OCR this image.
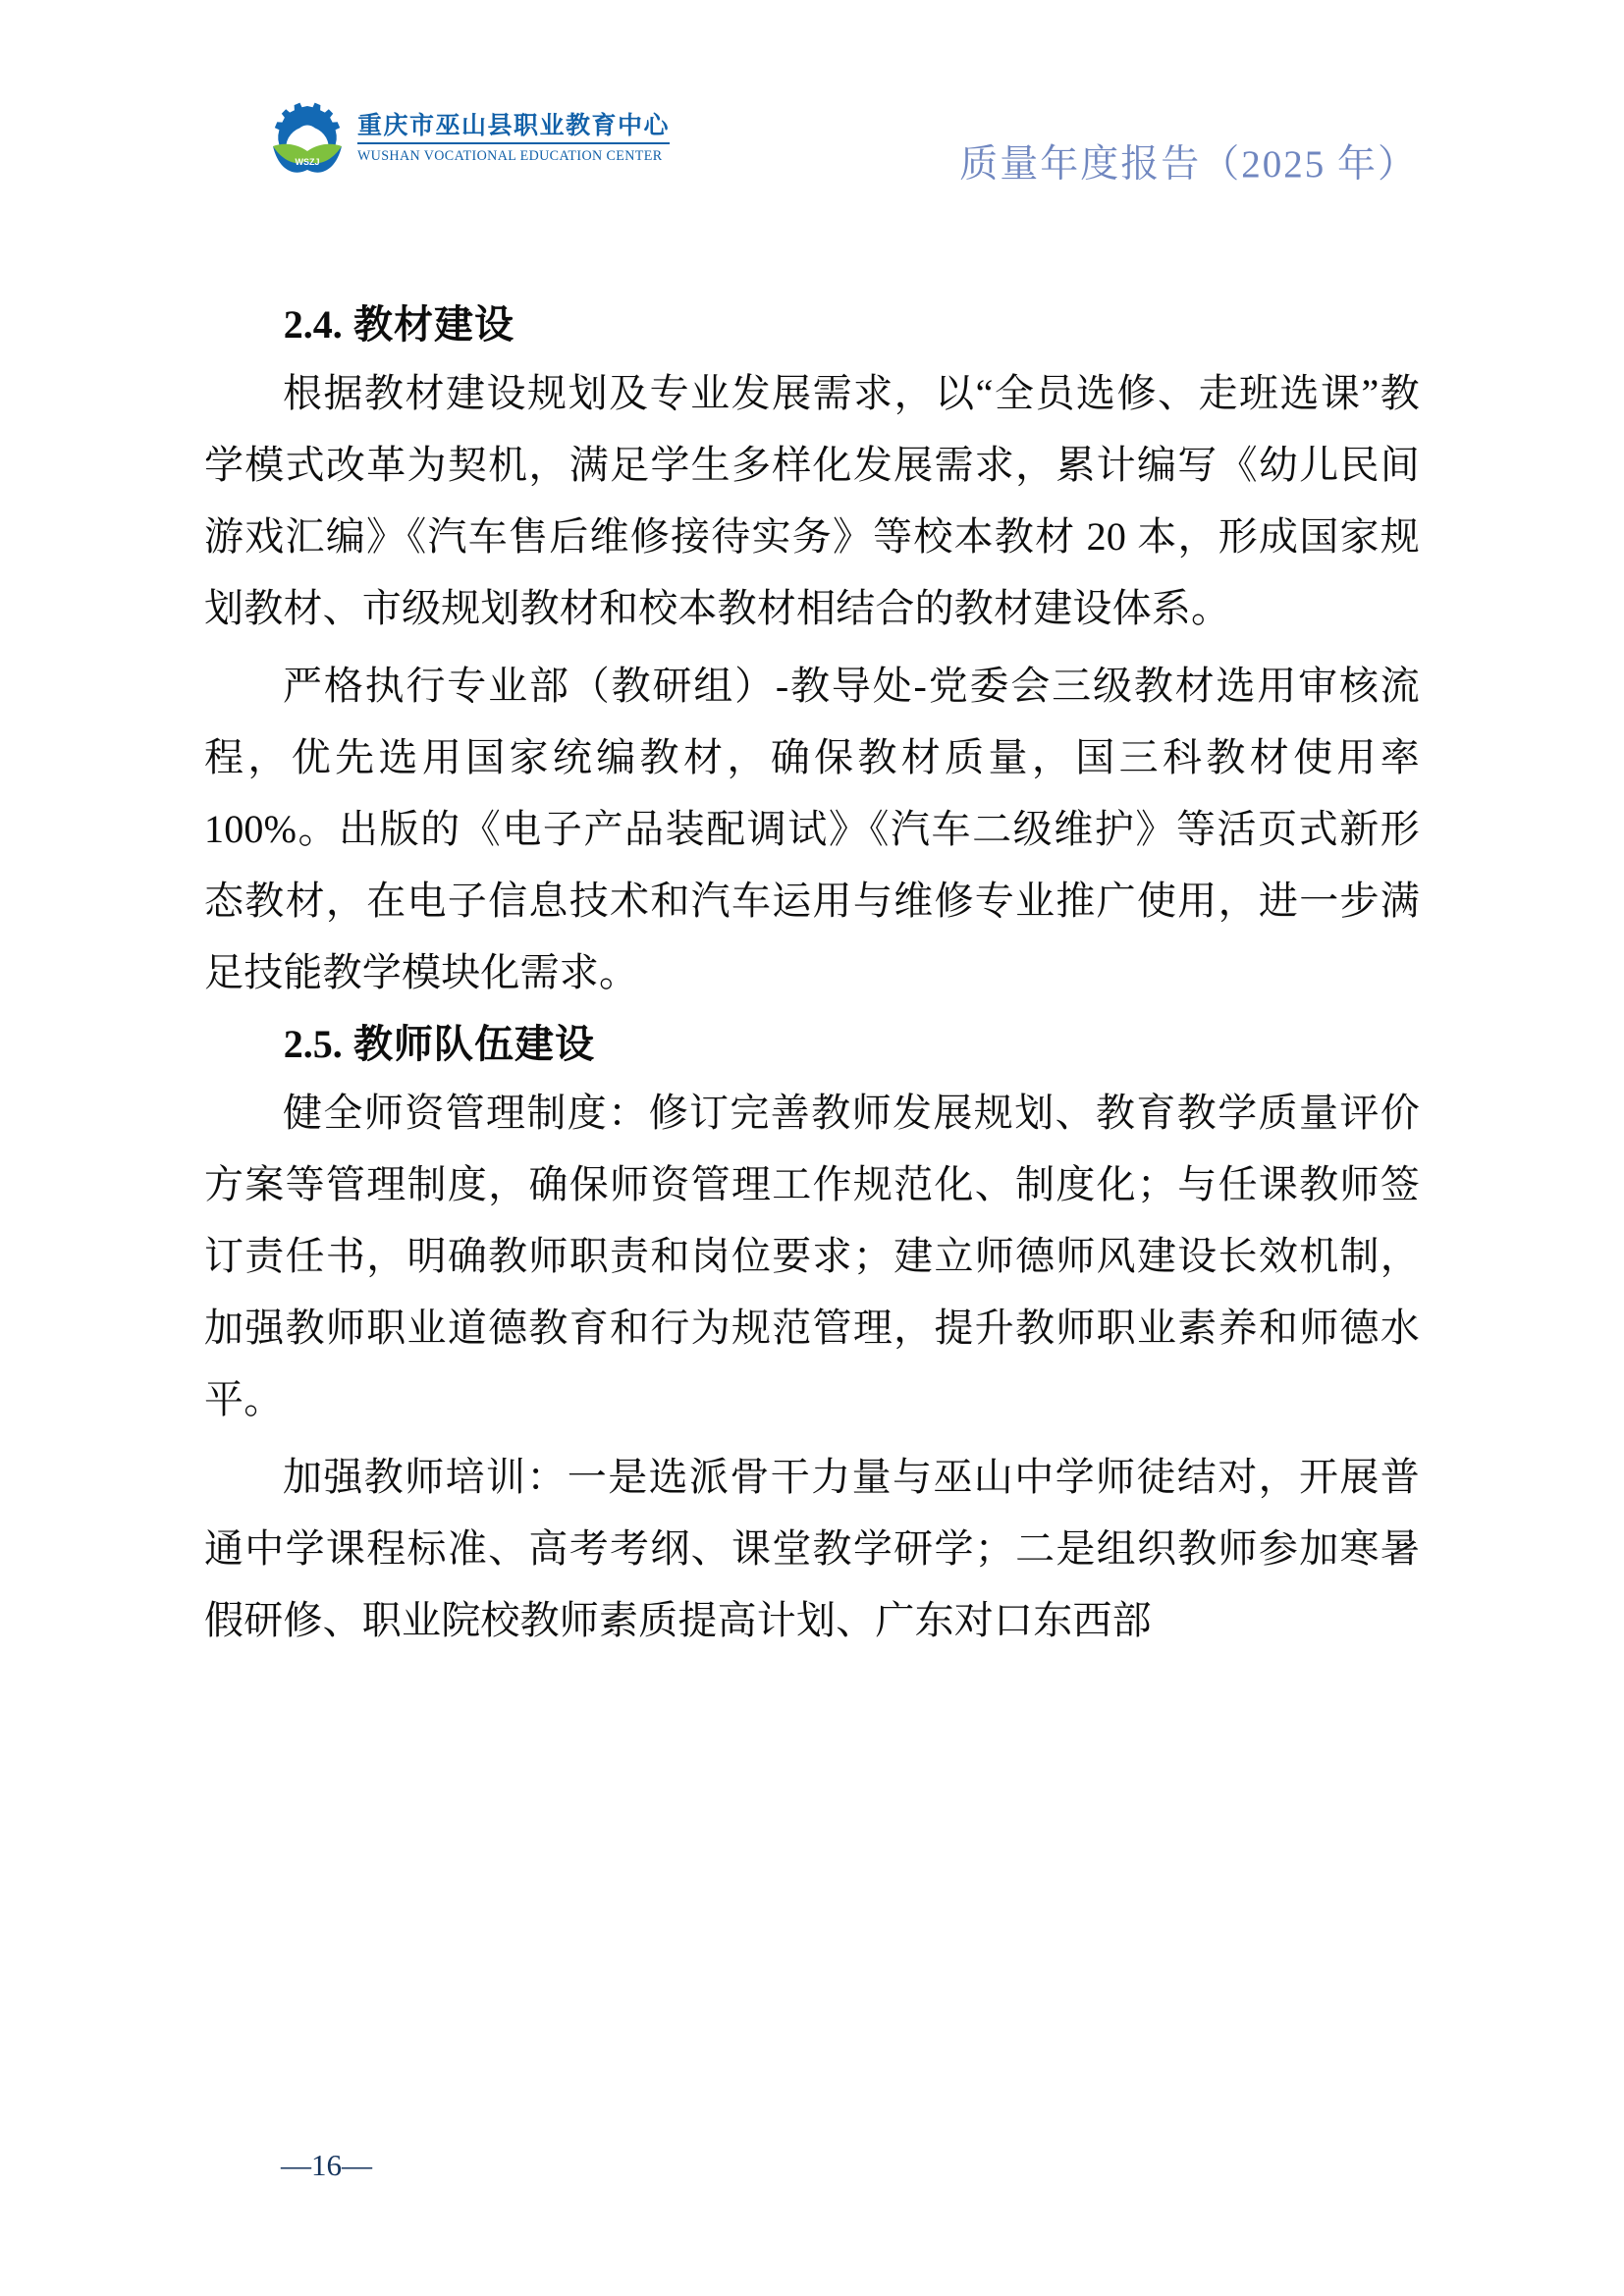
WSZJ
重庆市巫山县职业教育中心
WUSHAN VOCATIONAL EDUCATION CENTER	质量年度报告（2025 年）
2.4. 教材建设

根据教材建设规划及专业发展需求，以“全员选修、走班选课”教学模式改革为契机，满足学生多样化发展需求，累计编写《幼儿民间游戏汇编》《汽车售后维修接待实务》等校本教材 20 本，形成国家规划教材、市级规划教材和校本教材相结合的教材建设体系。

严格执行专业部（教研组）-教导处-党委会三级教材选用审核流程，优先选用国家统编教材，确保教材质量，国三科教材使用率 100%。出版的《电子产品装配调试》《汽车二级维护》等活页式新形态教材，在电子信息技术和汽车运用与维修专业推广使用，进一步满足技能教学模块化需求。

2.5. 教师队伍建设

健全师资管理制度：修订完善教师发展规划、教育教学质量评价方案等管理制度，确保师资管理工作规范化、制度化；与任课教师签订责任书，明确教师职责和岗位要求；建立师德师风建设长效机制，加强教师职业道德教育和行为规范管理，提升教师职业素养和师德水平。

加强教师培训：一是选派骨干力量与巫山中学师徒结对，开展普通中学课程标准、高考考纲、课堂教学研学；二是组织教师参加寒暑假研修、职业院校教师素质提高计划、广东对口东西部

—16—
